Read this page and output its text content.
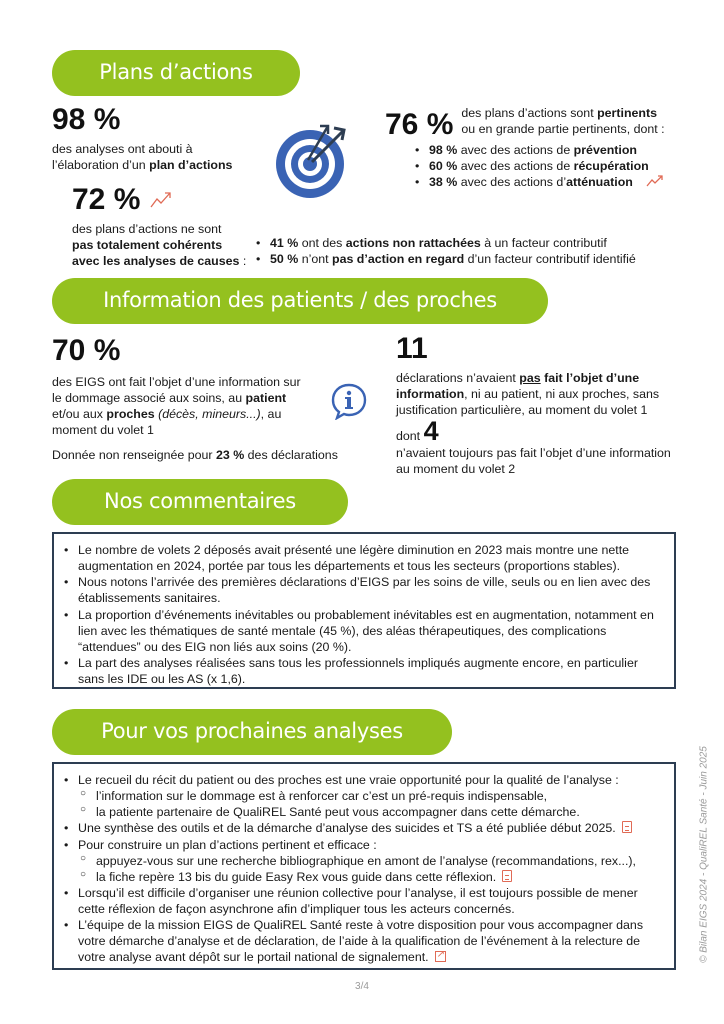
Plans d’actions
98 %
des analyses ont abouti à l’élaboration d’un plan d’actions
76 % des plans d’actions sont pertinents
ou en grande partie pertinents, dont :
• 98 % avec des actions de prévention
• 60 % avec des actions de récupération
• 38 % avec des actions d’atténuation
72 %
des plans d’actions ne sont
pas totalement cohérents
avec les analyses de causes :
• 41 % ont des actions non rattachées à un facteur contributif
• 50 % n’ont pas d’action en regard d’un facteur contributif identifié
Information des patients / des proches
70 %
des EIGS ont fait l’objet d’une information sur le dommage associé aux soins, au patient et/ou aux proches (décès, mineurs...), au moment du volet 1
Donnée non renseignée pour 23 % des déclarations
11
déclarations n’avaient pas fait l’objet d’une information, ni au patient, ni aux proches, sans justification particulière, au moment du volet 1
dont 4
n’avaient toujours pas fait l’objet d’une information au moment du volet 2
Nos commentaires
• Le nombre de volets 2 déposés avait présenté une légère diminution en 2023 mais montre une nette augmentation en 2024, portée par tous les départements et tous les secteurs (proportions stables).
• Nous notons l’arrivée des premières déclarations d’EIGS par les soins de ville, seuls ou en lien avec des établissements sanitaires.
• La proportion d’événements inévitables ou probablement inévitables est en augmentation, notamment en lien avec les thématiques de santé mentale (45 %), des aléas thérapeutiques, des complications “attendues” ou des EIG non liés aux soins (20 %).
• La part des analyses réalisées sans tous les professionnels impliqués augmente encore, en particulier sans les IDE ou les AS (x 1,6).
Pour vos prochaines analyses
• Le recueil du récit du patient ou des proches est une vraie opportunité pour la qualité de l’analyse :
○ l’information sur le dommage est à renforcer car c’est un pré-requis indispensable,
○ la patiente partenaire de QualiREL Santé peut vous accompagner dans cette démarche.
• Une synthèse des outils et de la démarche d’analyse des suicides et TS a été publiée début 2025.
• Pour construire un plan d’actions pertinent et efficace :
○ appuyez-vous sur une recherche bibliographique en amont de l’analyse (recommandations, rex...),
○ la fiche repère 13 bis du guide Easy Rex vous guide dans cette réflexion.
• Lorsqu’il est difficile d’organiser une réunion collective pour l’analyse, il est toujours possible de mener cette réflexion de façon asynchrone afin d’impliquer tous les acteurs concernés.
• L’équipe de la mission EIGS de QualiREL Santé reste à votre disposition pour vous accompagner dans votre démarche d’analyse et de déclaration, de l’aide à la qualification de l’événement à la relecture de votre analyse avant dépôt sur le portail national de signalement.↗
3/4
© Bilan EIGS 2024 - QualiREL Santé - Juin 2025
